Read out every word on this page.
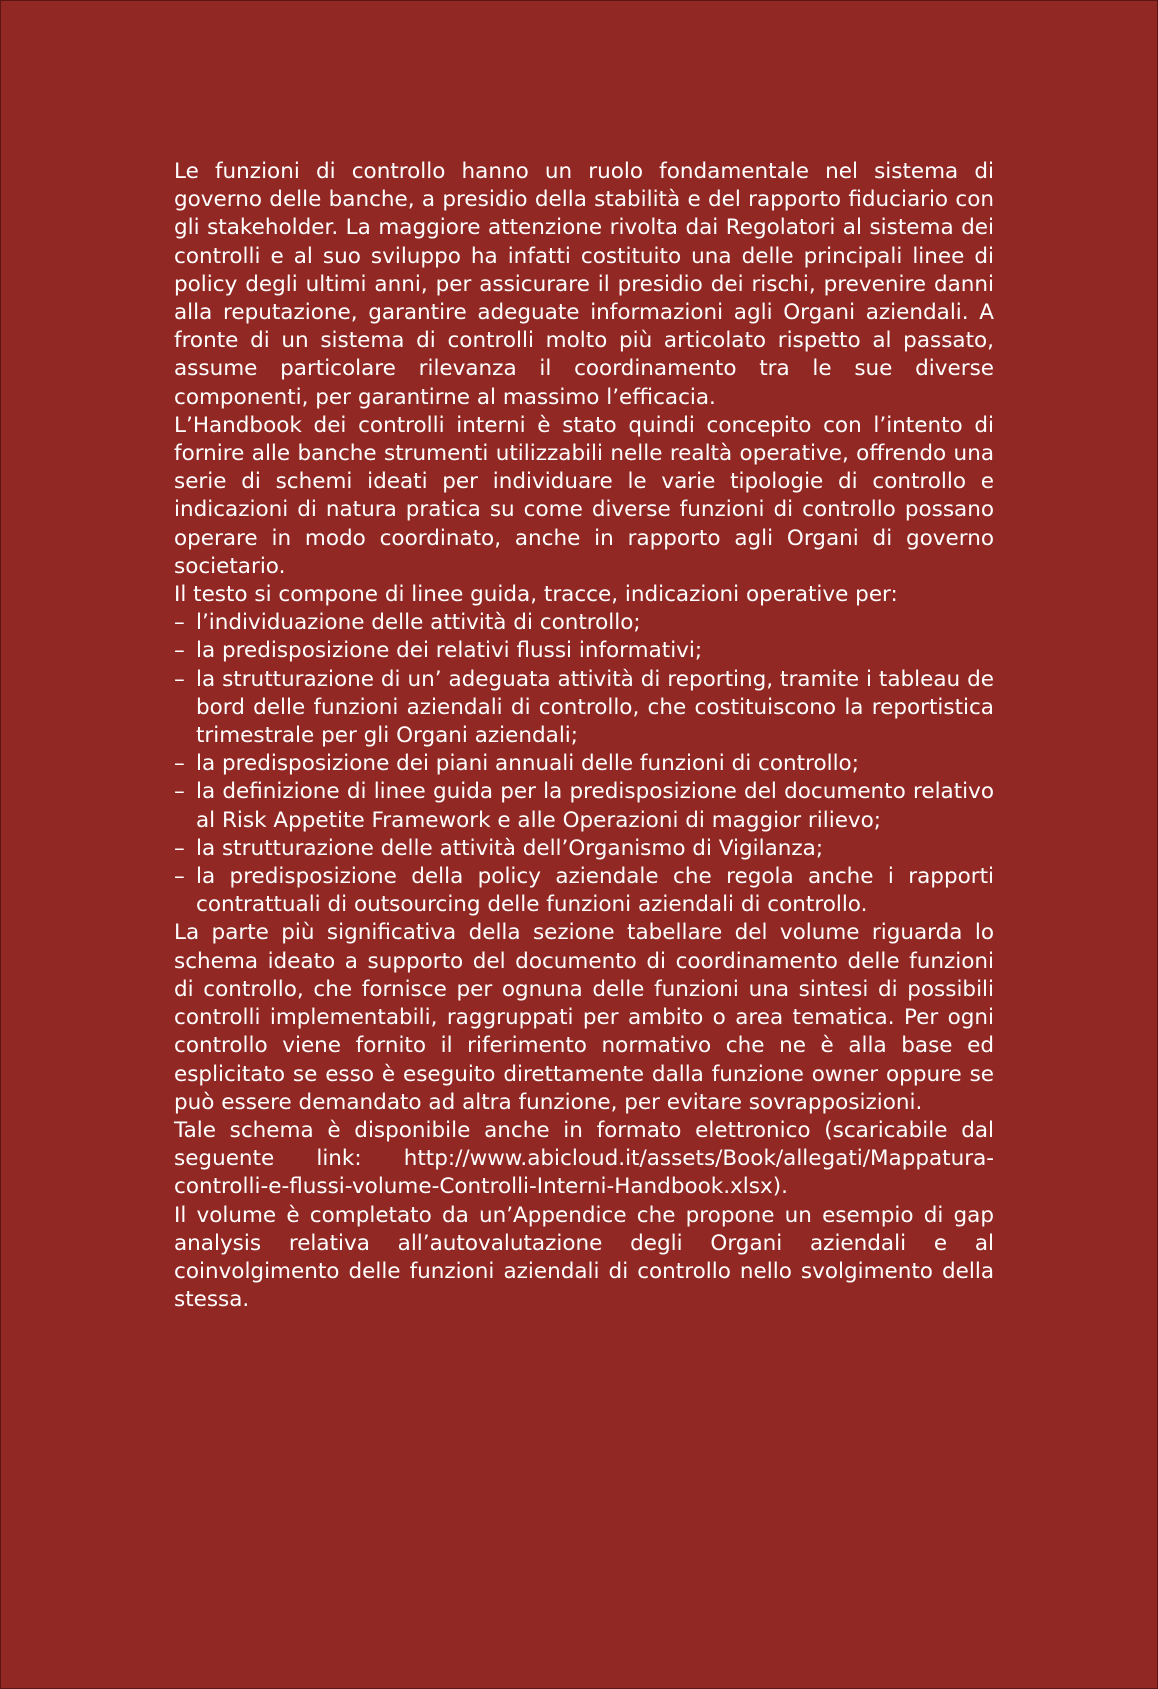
Le funzioni di controllo hanno un ruolo fondamentale nel sistema di governo delle banche, a presidio della stabilità e del rapporto fiduciario con gli stakeholder. La maggiore attenzione rivolta dai Regolatori al sistema dei controlli e al suo sviluppo ha infatti costituito una delle principali linee di policy degli ultimi anni, per assicurare il presidio dei rischi, prevenire danni alla reputazione, garantire adeguate informazioni agli Organi aziendali. A fronte di un sistema di controlli molto più articolato rispetto al passato, assume particolare rilevanza il coordinamento tra le sue diverse componenti, per garantirne al massimo l’efficacia.

L’Handbook dei controlli interni è stato quindi concepito con l’intento di fornire alle banche strumenti utilizzabili nelle realtà operative, offrendo una serie di schemi ideati per individuare le varie tipologie di controllo e indicazioni di natura pratica su come diverse funzioni di controllo possano operare in modo coordinato, anche in rapporto agli Organi di governo societario.

Il testo si compone di linee guida, tracce, indicazioni operative per:

– l’individuazione delle attività di controllo;
– la predisposizione dei relativi flussi informativi;
– la strutturazione di un’ adeguata attività di reporting, tramite i tableau de bord delle funzioni aziendali di controllo, che costituiscono la reportistica trimestrale per gli Organi aziendali;
– la predisposizione dei piani annuali delle funzioni di controllo;
– la definizione di linee guida per la predisposizione del documento relativo al Risk Appetite Framework e alle Operazioni di maggior rilievo;
– la strutturazione delle attività dell’Organismo di Vigilanza;
– la predisposizione della policy aziendale che regola anche i rapporti contrattuali di outsourcing delle funzioni aziendali di controllo.

La parte più significativa della sezione tabellare del volume riguarda lo schema ideato a supporto del documento di coordinamento delle funzioni di controllo, che fornisce per ognuna delle funzioni una sintesi di possibili controlli implementabili, raggruppati per ambito o area tematica. Per ogni controllo viene fornito il riferimento normativo che ne è alla base ed esplicitato se esso è eseguito direttamente dalla funzione owner oppure se può essere demandato ad altra funzione, per evitare sovrapposizioni.

Tale schema è disponibile anche in formato elettronico (scaricabile dal seguente link: http://www.abicloud.it/assets/Book/allegati/Mappatura-controlli-e-flussi-volume-Controlli-Interni-Handbook.xlsx).

Il volume è completato da un’Appendice che propone un esempio di gap analysis relativa all’autovalutazione degli Organi aziendali e al coinvolgimento delle funzioni aziendali di controllo nello svolgimento della stessa.
